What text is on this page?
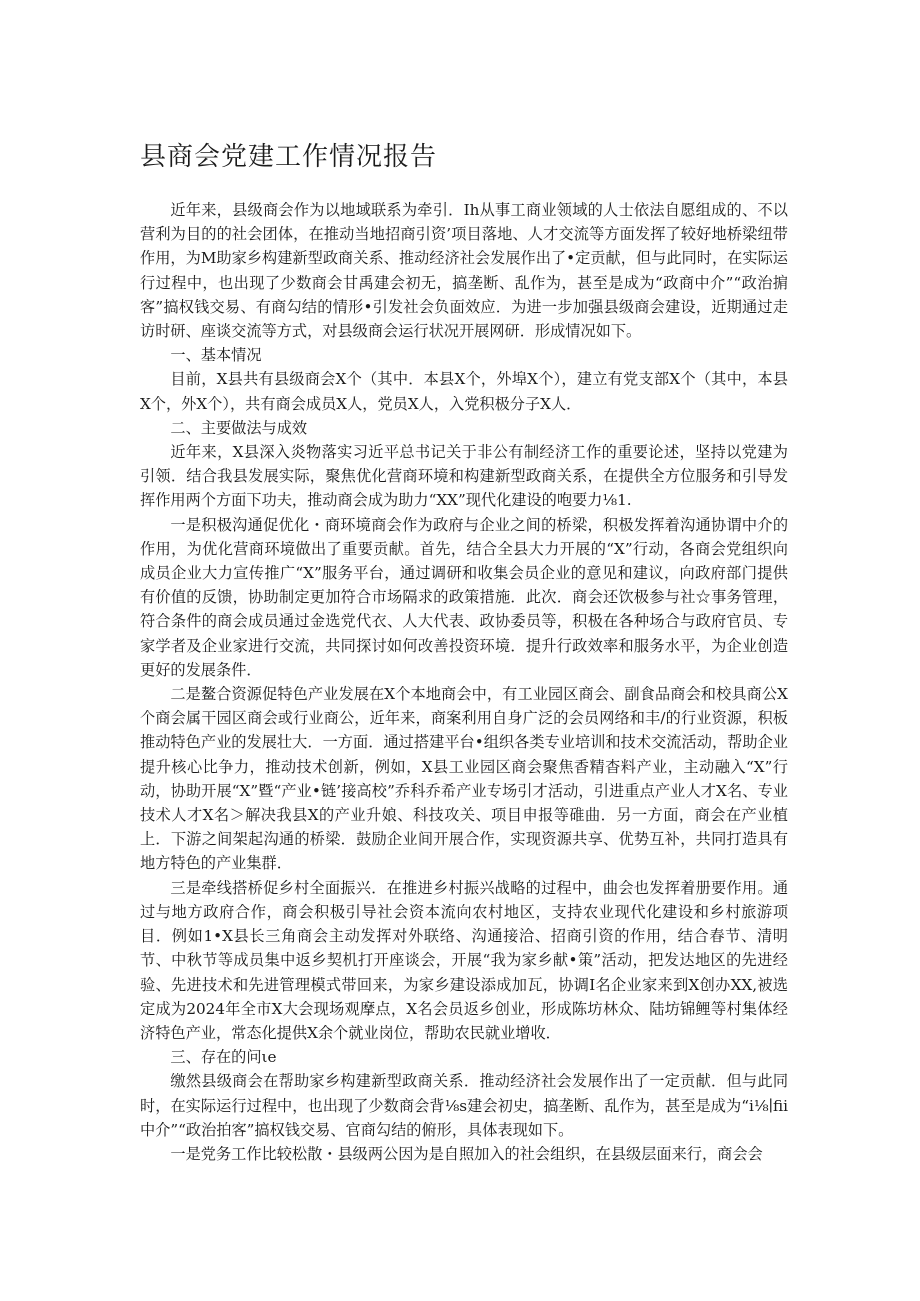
县商会党建工作情况报告

近年来，县级商会作为以地域联系为牵引．Ih从事工商业领域的人士依法自愿组成的、不以营利为目的的社会团体，在推动当地招商引资’项目落地、人才交流等方面发挥了较好地桥梁纽带作用，为M助家乡构建新型政商关系、推动经济社会发展作出了•定贡献，但与此同时，在实际运行过程中，也出现了少数商会甘禹建会初无，搞垄断、乱作为，甚至是成为“政商中介”“政治掮客”搞权钱交易、有商勾结的情形•引发社会负面效应．为进一步加强县级商会建设，近期通过走访时研、座谈交流等方式，对县级商会运行状况开展网研．形成情况如下。

一、基本情况

目前，X县共有县级商会X个（其中．本县X个，外埠X个），建立有党支部X个（其中，本县X个，外X个），共有商会成员X人，党员X人，入党积极分子X人．

二、主要做法与成效

近年来，X县深入炎物落实习近平总书记关于非公有制经济工作的重要论述，坚持以党建为引领．结合我县发展实际，聚焦优化营商环境和构建新型政商关系，在提供全方位服务和引导发挥作用两个方面下功夫，推动商会成为助力“XX”现代化建设的咆要力⅛1.

一是积极沟通促优化・商环境商会作为政府与企业之间的桥梁，积极发挥着沟通协谓中介的作用，为优化营商环境做出了重要贡献。首先，结合全县大力开展的“X”行动，各商会党组织向成员企业大力宣传推广“X”服务平台，通过调研和收集会员企业的意见和建议，向政府部门提供有价值的反馈，协助制定更加符合市场隔求的政策措施．此次．商会还饮极参与社☆事务管理，符合条件的商会成员通过金选党代衣、人大代表、政协委员等，积极在各种场合与政府官员、专家学者及企业家进行交流，共同探讨如何改善投资环境．提升行政效率和服务水平，为企业创造更好的发展条件．

二是鳌合资源促特色产业发展在X个本地商会中，有工业园区商会、副食品商会和校具商公X个商会属干园区商会或行业商公，近年来，商案利用自身广泛的会员网络和丰/的行业资源，积板推动特色产业的发展壮大．一方面．通过搭建平台•组织各类专业培训和技术交流活动，帮助企业提升核心比争力，推动技术创新，例如，X县工业园区商会聚焦香精杳料产业，主动融入“X”行动，协助开展“X”暨“产业•链’接高校”乔科乔希产业专场引才活动，引进重点产业人才X名、专业技术人才X名＞解决我县X的产业升娘、科技攻关、项目申报等碓曲．另一方面，商会在产业植上．下游之间架起沟通的桥梁．鼓励企业间开展合作，实现资源共享、优势互补，共同打造具有地方特色的产业集群．

三是牵线搭桥促乡村全面振兴．在推进乡村振兴战略的过程中，曲会也发挥着册要作用。通过与地方政府合作，商会积极引导社会资本流向农村地区，支持农业现代化建设和乡村旅游项目．例如1•X县长三角商会主动发挥对外联络、沟通接洽、招商引资的作用，结合春节、清明节、中秋节等成员集中返乡契机打开座谈会，开展“我为家乡献•策”活动，把发达地区的先进经验、先进技术和先进管理模式带回来，为家乡建设添成加瓦，协调I名企业家来到X创办XX,被选定成为2024年全市X大会现场观摩点，X名会员返乡创业，形成陈坊林众、陆坊锦鲤等村集体经济特色产业，常态化提供X余个就业岗位，帮助农民就业增收．

三、存在的问ιe

缴然县级商会在帮助家乡构建新型政商关系．推动经济社会发展作出了一定贡献．但与此同时，在实际运行过程中，也出现了少数商会背⅛s建会初史，搞垄断、乱作为，甚至是成为“i⅛∣fii中介”“政治拍客”搞权钱交易、官商勾结的俯形，具体表现如下。

一是党务工作比较松散・县级两公因为是自照加入的社会组织，在县级层面来行，商会会
